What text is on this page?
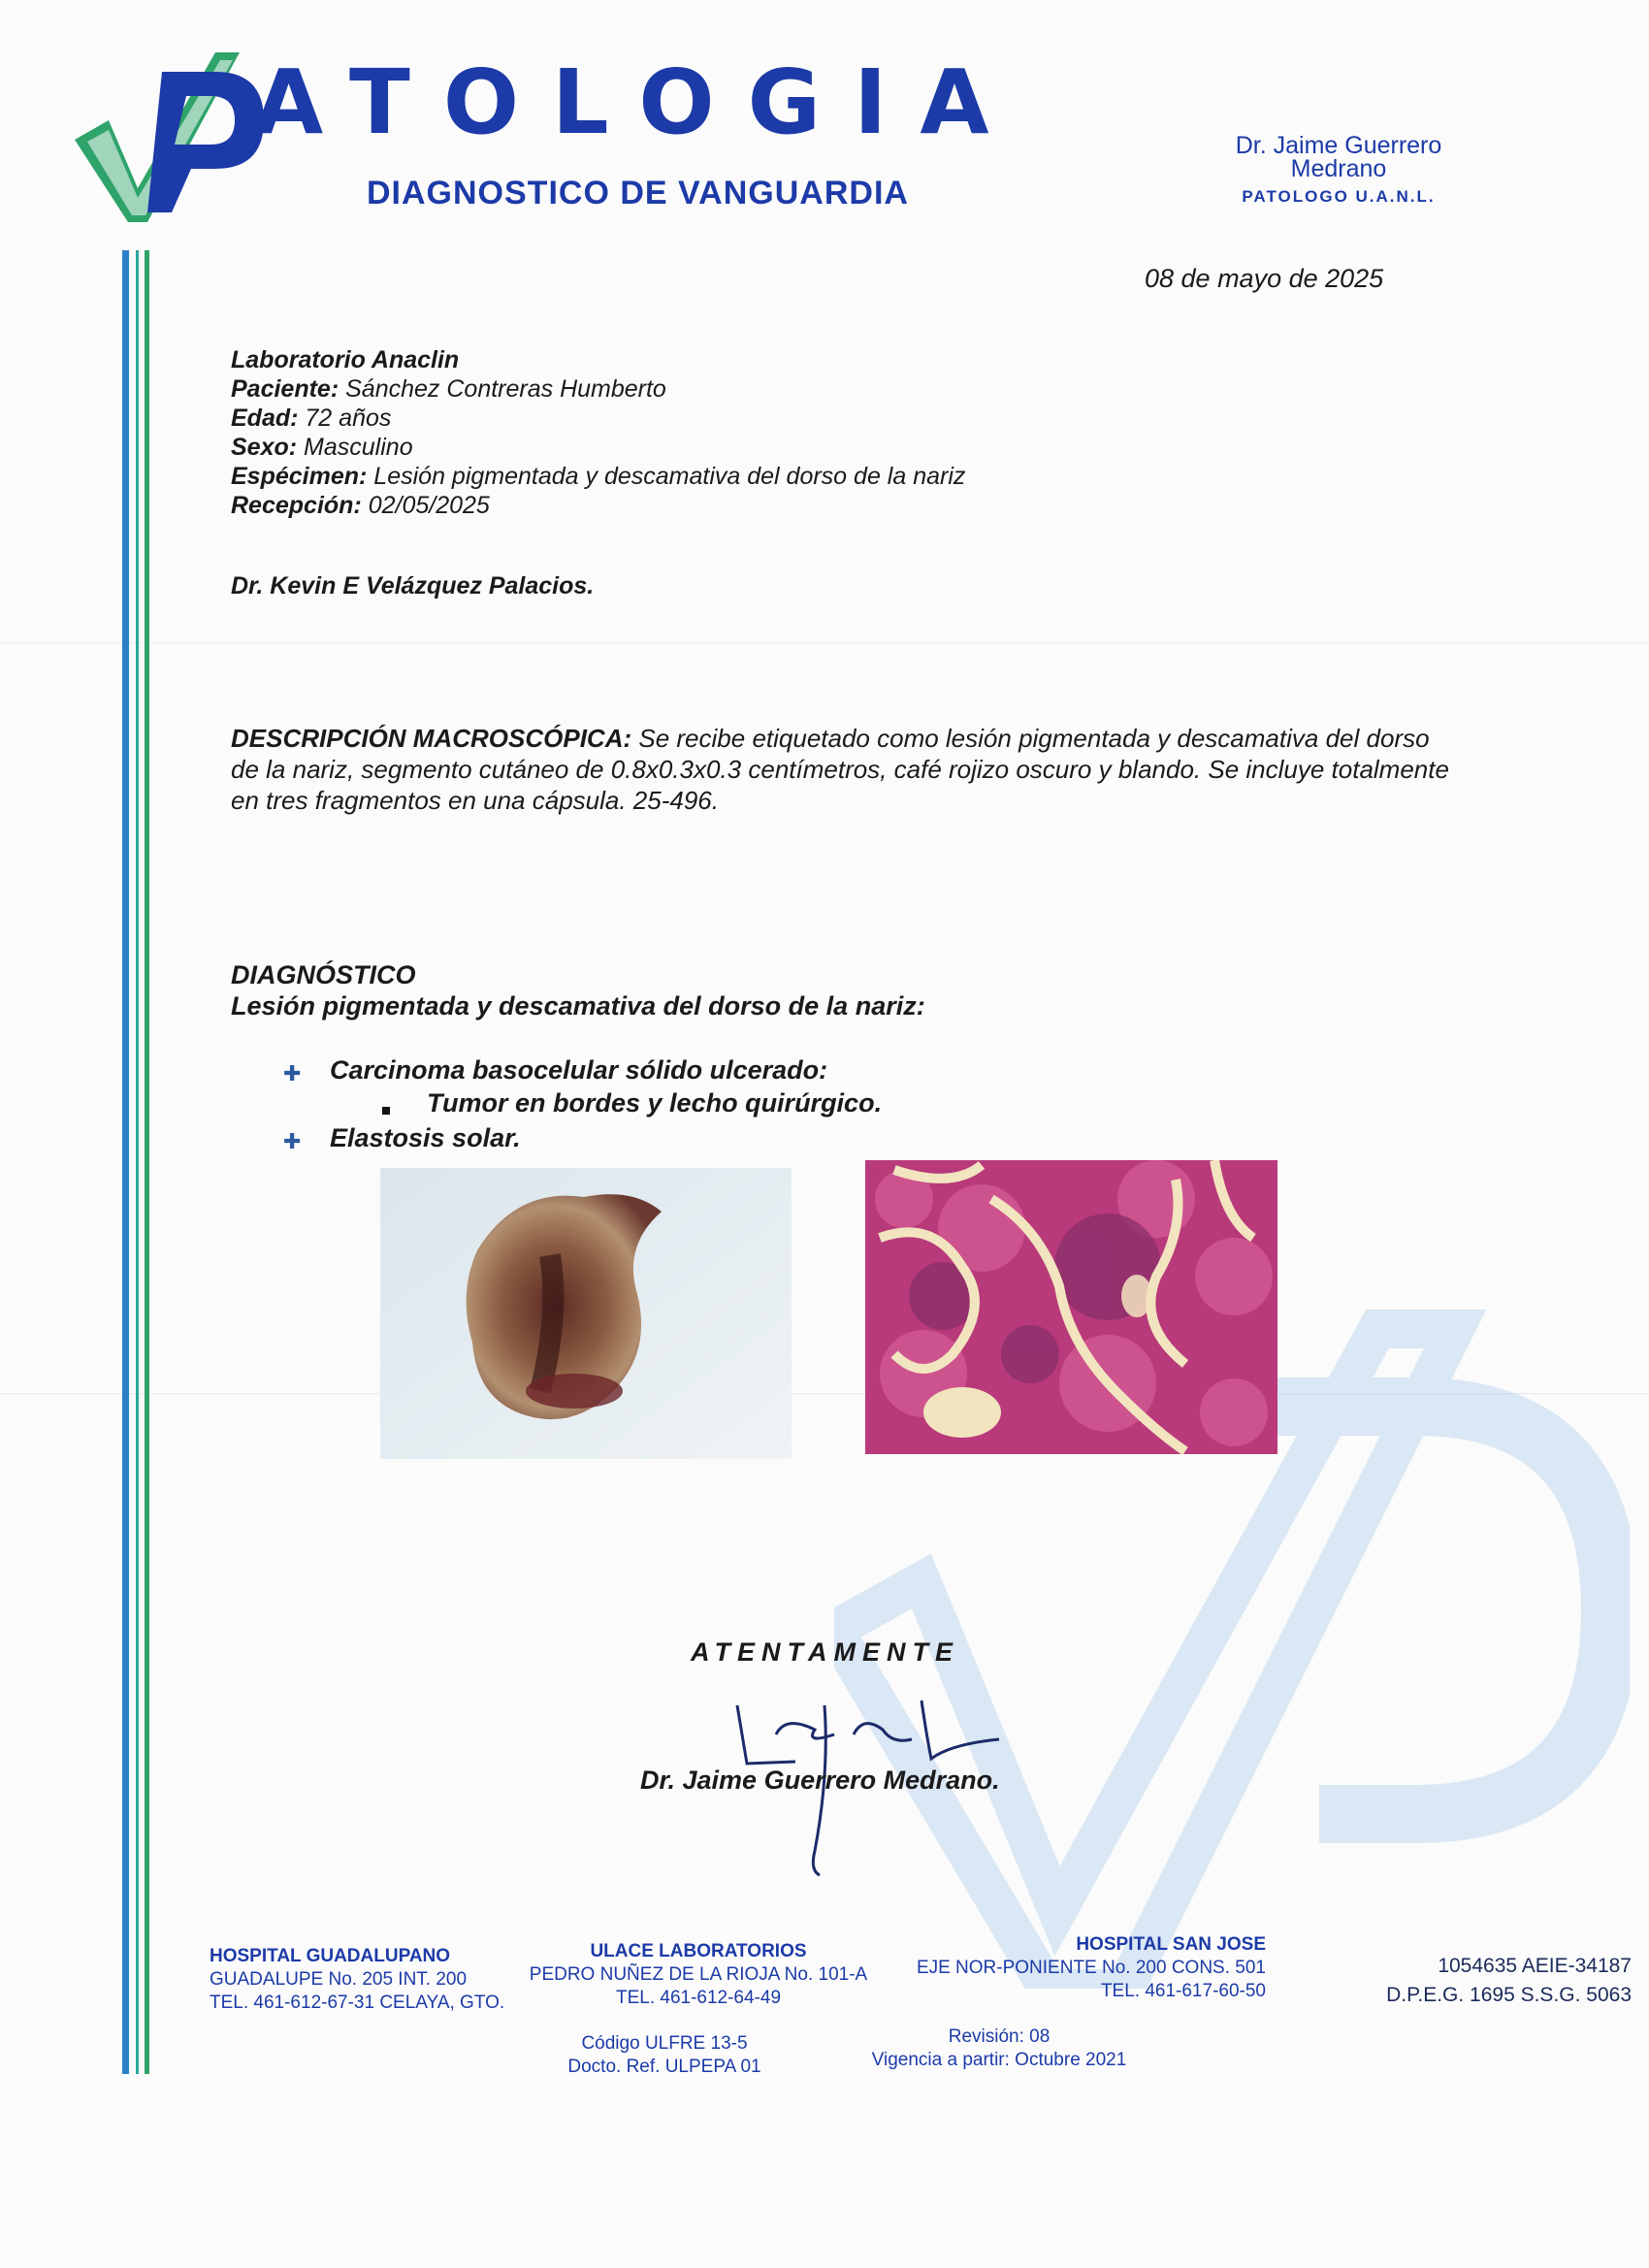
ATOLOGIA
DIAGNOSTICO DE VANGUARDIA
Dr. Jaime Guerrero
Medrano
PATOLOGO U.A.N.L.
08 de mayo de 2025
Laboratorio Anaclin
Paciente: Sánchez Contreras Humberto
Edad: 72 años
Sexo: Masculino
Espécimen: Lesión pigmentada y descamativa del dorso de la nariz
Recepción: 02/05/2025
Dr. Kevin E Velázquez Palacios.
DESCRIPCIÓN MACROSCÓPICA: Se recibe etiquetado como lesión pigmentada y descamativa del dorso de la nariz, segmento cutáneo de 0.8x0.3x0.3 centímetros, café rojizo oscuro y blando. Se incluye totalmente en tres fragmentos en una cápsula. 25-496.
DIAGNÓSTICO
Lesión pigmentada y descamativa del dorso de la nariz:
✚ Carcinoma basocelular sólido ulcerado:
Tumor en bordes y lecho quirúrgico.
✚ Elastosis solar.
ATENTAMENTE
Dr. Jaime Guerrero Medrano.
HOSPITAL GUADALUPANO
GUADALUPE No. 205 INT. 200
TEL. 461-612-67-31 CELAYA, GTO.
ULACE LABORATORIOS
PEDRO NUÑEZ DE LA RIOJA No. 101-A
TEL. 461-612-64-49
HOSPITAL SAN JOSE
EJE NOR-PONIENTE No. 200 CONS. 501
TEL. 461-617-60-50
1054635 AEIE-34187
D.P.E.G. 1695 S.S.G. 5063
Código ULFRE 13-5
Docto. Ref. ULPEPA 01
Revisión: 08
Vigencia a partir: Octubre 2021
